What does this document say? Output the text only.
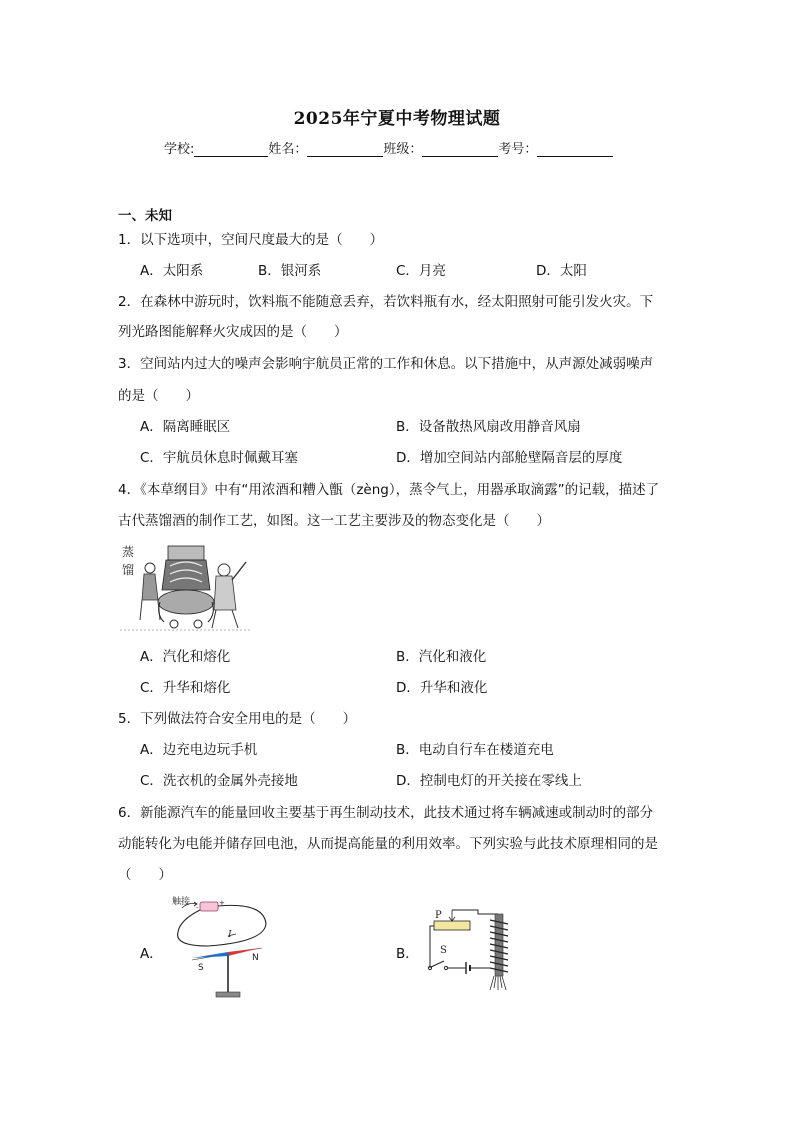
2025年宁夏中考物理试题
学校:	姓名：	班级：	考号：
一、未知
1．以下选项中，空间尺度最大的是（　　）
A．太阳系	B．银河系	C．月亮	D．太阳
2．在森林中游玩时，饮料瓶不能随意丢弃，若饮料瓶有水，经太阳照射可能引发火灾。下
列光路图能解释火灾成因的是（　　）
3．空间站内过大的噪声会影响宇航员正常的工作和休息。以下措施中，从声源处减弱噪声
的是（　　）
A．隔离睡眠区	B．设备散热风扇改用静音风扇
C．宇航员休息时佩戴耳塞	D．增加空间站内部舱壁隔音层的厚度
4．《本草纲目》中有“用浓酒和糟入甑（zèng），蒸令气上，用器承取滴露”的记载，描述了
古代蒸馏酒的制作工艺，如图。这一工艺主要涉及的物态变化是（　　）
蒸
馏
A．汽化和熔化	B．汽化和液化
C．升华和熔化	D．升华和液化
5．下列做法符合安全用电的是（　　）
A．边充电边玩手机	B．电动自行车在楼道充电
C．洗衣机的金属外壳接地	D．控制电灯的开关接在零线上
6．新能源汽车的能量回收主要基于再生制动技术，此技术通过将车辆减速或制动时的部分
动能转化为电能并储存回电池，从而提高能量的利用效率。下列实验与此技术原理相同的是
（　　）
A．
触接
-
+
I
S
N	B．
P
S
